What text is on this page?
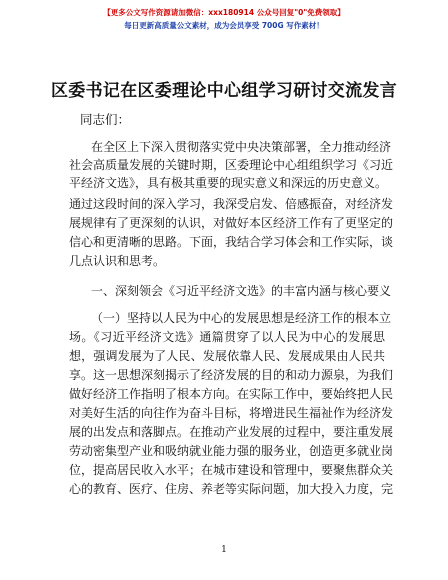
【更多公文写作资源请加微信：xxx180914 公众号回复"0"免费领取】
每日更新高质量公文素材，成为会员享受 700G 写作素材！
区委书记在区委理论中心组学习研讨交流发言
同志们：
在全区上下深入贯彻落实党中央决策部署，全力推动经济
社会高质量发展的关键时期，区委理论中心组组织学习《习近
平经济文选》，具有极其重要的现实意义和深远的历史意义。
通过这段时间的深入学习，我深受启发、倍感振奋，对经济发
展规律有了更深刻的认识，对做好本区经济工作有了更坚定的
信心和更清晰的思路。下面，我结合学习体会和工作实际，谈
几点认识和思考。
一、深刻领会《习近平经济文选》的丰富内涵与核心要义
（一）坚持以人民为中心的发展思想是经济工作的根本立
场。《习近平经济文选》通篇贯穿了以人民为中心的发展思
想，强调发展为了人民、发展依靠人民、发展成果由人民共
享。这一思想深刻揭示了经济发展的目的和动力源泉，为我们
做好经济工作指明了根本方向。在实际工作中，要始终把人民
对美好生活的向往作为奋斗目标，将增进民生福祉作为经济发
展的出发点和落脚点。在推动产业发展的过程中，要注重发展
劳动密集型产业和吸纳就业能力强的服务业，创造更多就业岗
位，提高居民收入水平；在城市建设和管理中，要聚焦群众关
心的教育、医疗、住房、养老等实际问题，加大投入力度，完
1
